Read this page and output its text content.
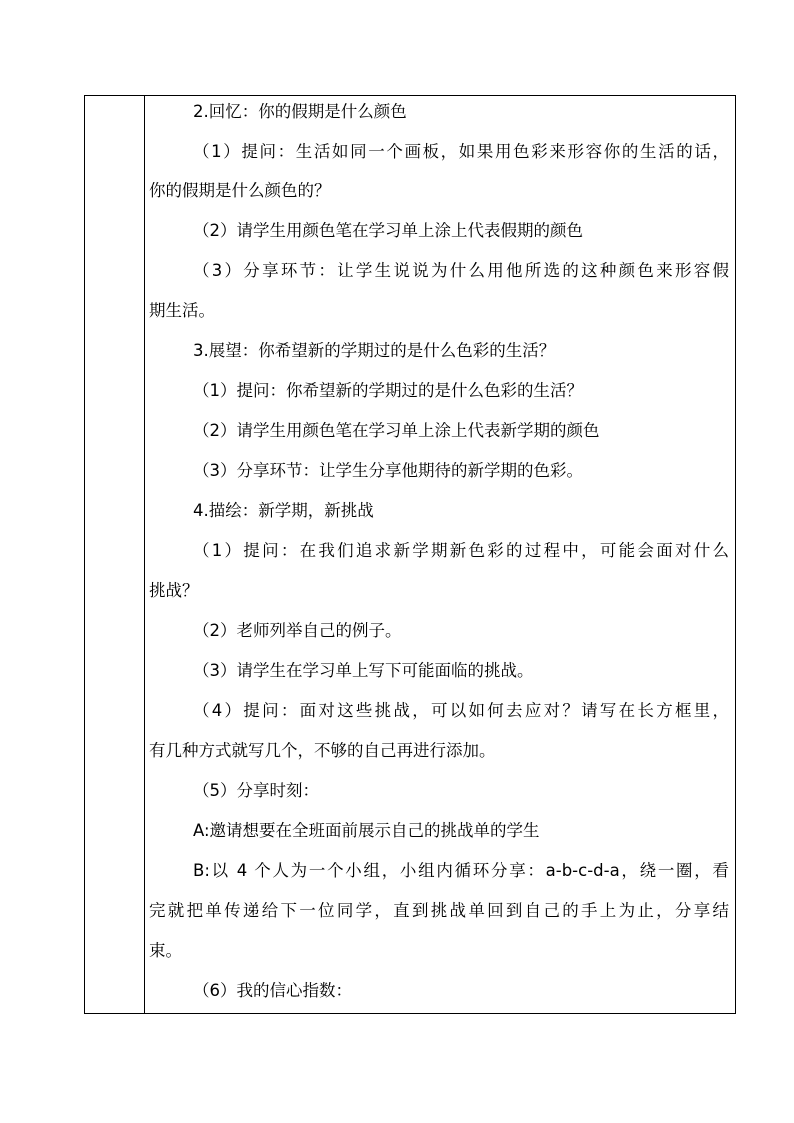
2.回忆：你的假期是什么颜色
（1）提问：生活如同一个画板，如果用色彩来形容你的生活的话，
你的假期是什么颜色的？
（2）请学生用颜色笔在学习单上涂上代表假期的颜色
（3）分享环节：让学生说说为什么用他所选的这种颜色来形容假
期生活。
3.展望：你希望新的学期过的是什么色彩的生活？
（1）提问：你希望新的学期过的是什么色彩的生活？
（2）请学生用颜色笔在学习单上涂上代表新学期的颜色
（3）分享环节：让学生分享他期待的新学期的色彩。
4.描绘：新学期，新挑战
（1）提问：在我们追求新学期新色彩的过程中，可能会面对什么
挑战？
（2）老师列举自己的例子。
（3）请学生在学习单上写下可能面临的挑战。
（4）提问：面对这些挑战，可以如何去应对？请写在长方框里，
有几种方式就写几个，不够的自己再进行添加。
（5）分享时刻：
A:邀请想要在全班面前展示自己的挑战单的学生
B:以 4 个人为一个小组，小组内循环分享：a-b-c-d-a，绕一圈，看
完就把单传递给下一位同学，直到挑战单回到自己的手上为止，分享结
束。
（6）我的信心指数：
